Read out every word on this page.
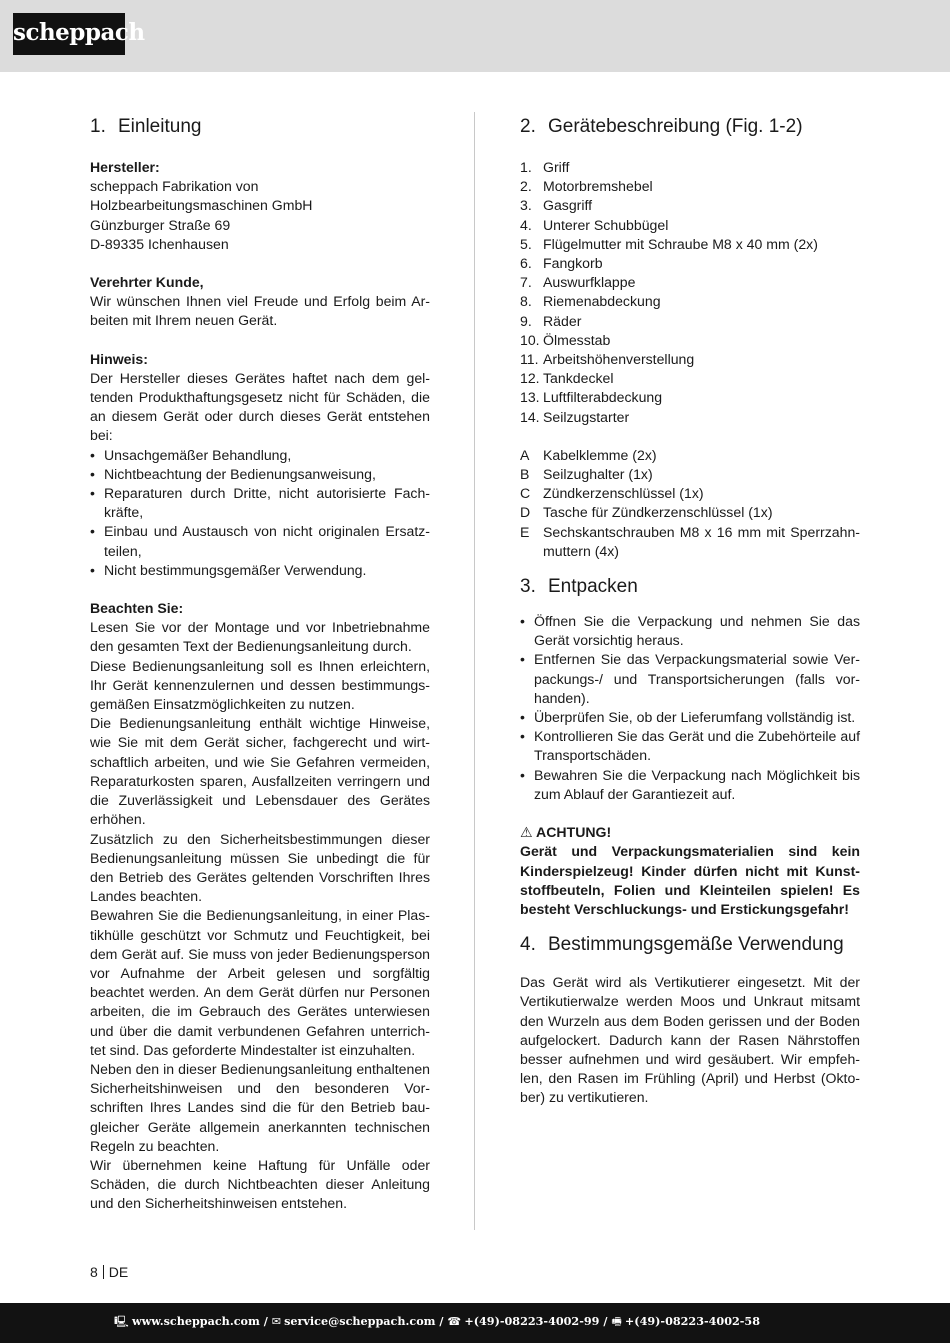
scheppach
1. Einleitung

Hersteller:

scheppach Fabrikation von

Holzbearbeitungsmaschinen GmbH

Günzburger Straße 69

D-89335 Ichenhausen

Verehrter Kunde,

Wir wünschen Ihnen viel Freude und Erfolg beim Arbeiten mit Ihrem neuen Gerät.

Hinweis:

Der Hersteller dieses Gerätes haftet nach dem geltenden Produkthaftungsgesetz nicht für Schäden, die an diesem Gerät oder durch dieses Gerät entstehen bei:

• Unsachgemäßer Behandlung,
• Nichtbeachtung der Bedienungsanweisung,
• Reparaturen durch Dritte, nicht autorisierte Fachkräfte,
• Einbau und Austausch von nicht originalen Ersatzteilen,
• Nicht bestimmungsgemäßer Verwendung.

Beachten Sie:

Lesen Sie vor der Montage und vor Inbetriebnahme den gesamten Text der Bedienungsanleitung durch.

Diese Bedienungsanleitung soll es Ihnen erleichtern, Ihr Gerät kennenzulernen und dessen bestimmungsgemäßen Einsatzmöglichkeiten zu nutzen.

Die Bedienungsanleitung enthält wichtige Hinweise, wie Sie mit dem Gerät sicher, fachgerecht und wirtschaftlich arbeiten, und wie Sie Gefahren vermeiden, Reparaturkosten sparen, Ausfallzeiten verringern und die Zuverlässigkeit und Lebensdauer des Gerätes erhöhen.

Zusätzlich zu den Sicherheitsbestimmungen dieser Bedienungsanleitung müssen Sie unbedingt die für den Betrieb des Gerätes geltenden Vorschriften Ihres Landes beachten.

Bewahren Sie die Bedienungsanleitung, in einer Plastikhülle geschützt vor Schmutz und Feuchtigkeit, bei dem Gerät auf. Sie muss von jeder Bedienungsperson vor Aufnahme der Arbeit gelesen und sorgfältig beachtet werden. An dem Gerät dürfen nur Personen arbeiten, die im Gebrauch des Gerätes unterwiesen und über die damit verbundenen Gefahren unterrichtet sind. Das geforderte Mindestalter ist einzuhalten.

Neben den in dieser Bedienungsanleitung enthaltenen Sicherheitshinweisen und den besonderen Vorschriften Ihres Landes sind die für den Betrieb baugleicher Geräte allgemein anerkannten technischen Regeln zu beachten.

Wir übernehmen keine Haftung für Unfälle oder Schäden, die durch Nichtbeachten dieser Anleitung und den Sicherheitshinweisen entstehen.

2. Gerätebeschreibung (Fig. 1-2)
1. Griff
2. Motorbremshebel
3. Gasgriff
4. Unterer Schubbügel
5. Flügelmutter mit Schraube M8 x 40 mm (2x)
6. Fangkorb
7. Auswurfklappe
8. Riemenabdeckung
9. Räder
10. Ölmesstab
11. Arbeitshöhenverstellung
12. Tankdeckel
13. Luftfilterabdeckung
14. Seilzugstarter
A Kabelklemme (2x)
B Seilzughalter (1x)
C Zündkerzenschlüssel (1x)
D Tasche für Zündkerzenschlüssel (1x)
E Sechskantschrauben M8 x 16 mm mit Sperrzahnmuttern (4x)
3. Entpacken
• Öffnen Sie die Verpackung und nehmen Sie das Gerät vorsichtig heraus.
• Entfernen Sie das Verpackungsmaterial sowie Verpackungs-/ und Transportsicherungen (falls vorhanden).
• Überprüfen Sie, ob der Lieferumfang vollständig ist.
• Kontrollieren Sie das Gerät und die Zubehörteile auf Transportschäden.
• Bewahren Sie die Verpackung nach Möglichkeit bis zum Ablauf der Garantiezeit auf.

⚠ ACHTUNG!

Gerät und Verpackungsmaterialien sind kein Kinderspielzeug! Kinder dürfen nicht mit Kunststoffbeuteln, Folien und Kleinteilen spielen! Es besteht Verschluckungs- und Erstickungsgefahr!

4. Bestimmungsgemäße Verwendung

Das Gerät wird als Vertikutierer eingesetzt. Mit der Vertikutierwalze werden Moos und Unkraut mitsamt den Wurzeln aus dem Boden gerissen und der Boden aufgelockert. Dadurch kann der Rasen Nährstoffen besser aufnehmen und wird gesäubert. Wir empfehlen, den Rasen im Frühling (April) und Herbst (Oktober) zu vertikutieren.

8 DE
🖳 www.scheppach.com / ✉ service@scheppach.com / ☎ +(49)-08223-4002-99 / 🖷 +(49)-08223-4002-58
